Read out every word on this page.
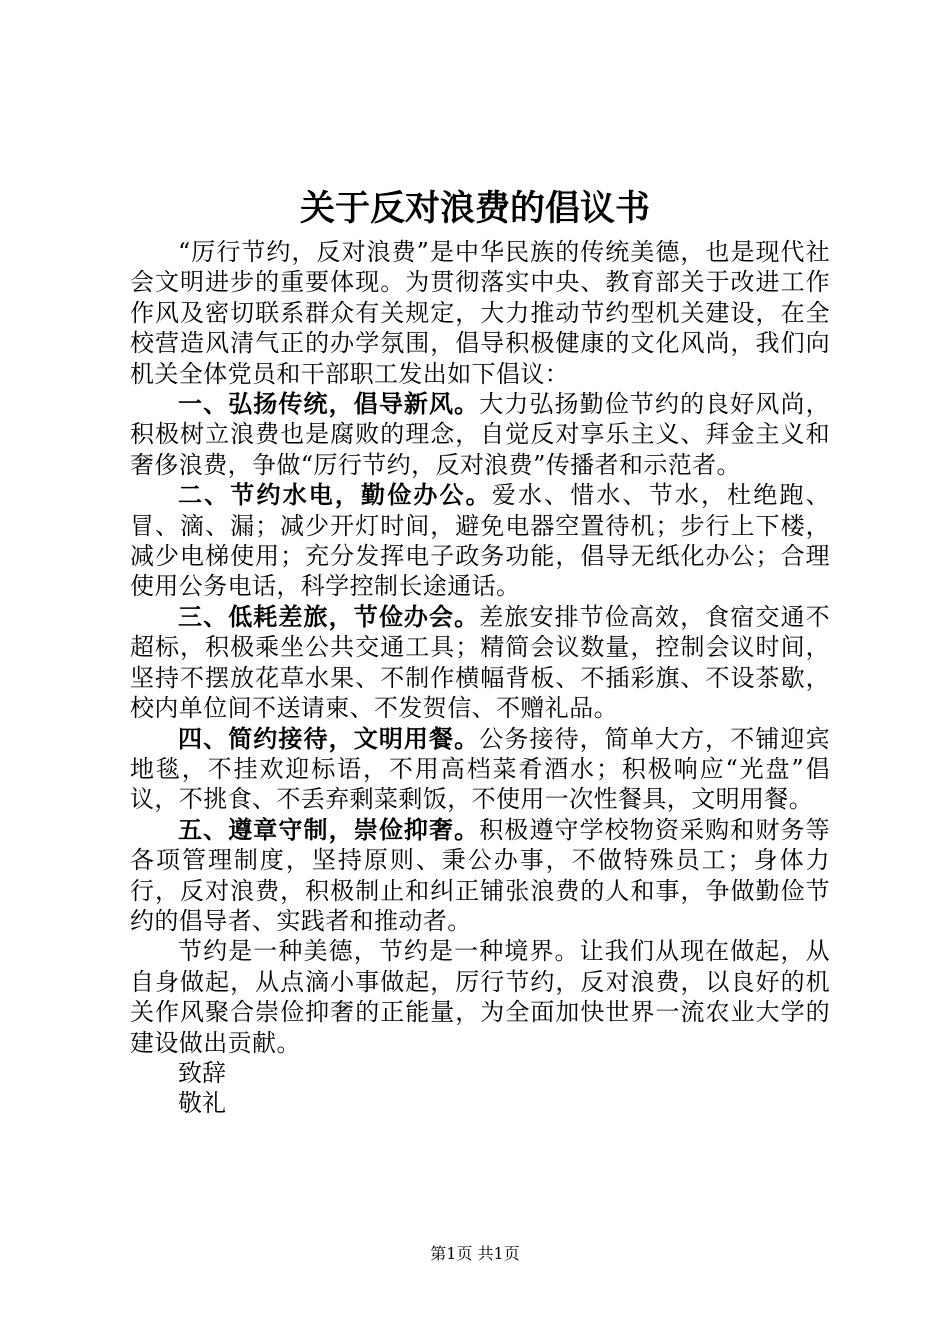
关于反对浪费的倡议书

“厉行节约，反对浪费”是中华民族的传统美德，也是现代社会文明进步的重要体现。为贯彻落实中央、教育部关于改进工作作风及密切联系群众有关规定，大力推动节约型机关建设，在全校营造风清气正的办学氛围，倡导积极健康的文化风尚，我们向机关全体党员和干部职工发出如下倡议：

一、弘扬传统，倡导新风。大力弘扬勤俭节约的良好风尚，积极树立浪费也是腐败的理念，自觉反对享乐主义、拜金主义和奢侈浪费，争做“厉行节约，反对浪费”传播者和示范者。

二、节约水电，勤俭办公。爱水、惜水、节水，杜绝跑、冒、滴、漏；减少开灯时间，避免电器空置待机；步行上下楼，减少电梯使用；充分发挥电子政务功能，倡导无纸化办公；合理使用公务电话，科学控制长途通话。

三、低耗差旅，节俭办会。差旅安排节俭高效，食宿交通不超标，积极乘坐公共交通工具；精简会议数量，控制会议时间，坚持不摆放花草水果、不制作横幅背板、不插彩旗、不设茶歇，校内单位间不送请柬、不发贺信、不赠礼品。

四、简约接待，文明用餐。公务接待，简单大方，不铺迎宾地毯，不挂欢迎标语，不用高档菜肴酒水；积极响应“光盘”倡议，不挑食、不丢弃剩菜剩饭，不使用一次性餐具，文明用餐。

五、遵章守制，崇俭抑奢。积极遵守学校物资采购和财务等各项管理制度，坚持原则、秉公办事，不做特殊员工；身体力行，反对浪费，积极制止和纠正铺张浪费的人和事，争做勤俭节约的倡导者、实践者和推动者。

节约是一种美德，节约是一种境界。让我们从现在做起，从自身做起，从点滴小事做起，厉行节约，反对浪费，以良好的机关作风聚合崇俭抑奢的正能量，为全面加快世界一流农业大学的建设做出贡献。

致辞

敬礼

第1页 共1页
